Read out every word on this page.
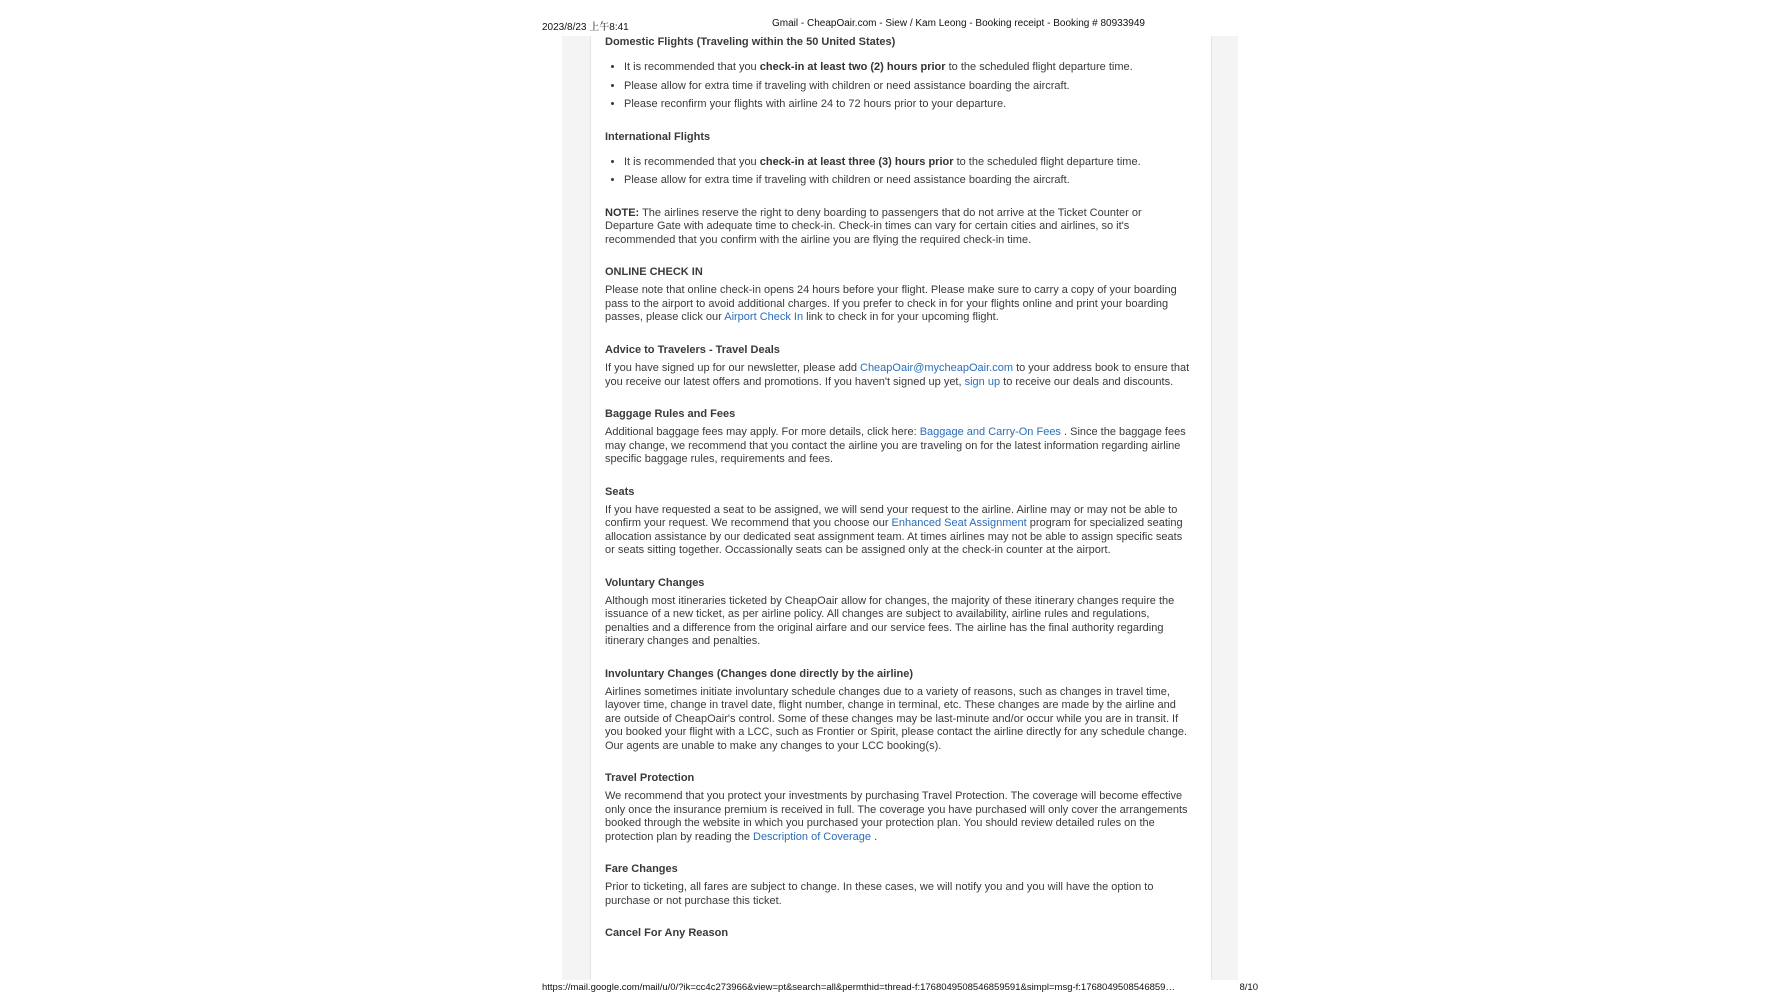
2023/8/23 上午8:41	Gmail - CheapOair.com - Siew / Kam Leong - Booking receipt - Booking # 80933949
Domestic Flights (Traveling within the 50 United States)
• It is recommended that you check-in at least two (2) hours prior to the scheduled flight departure time.
• Please allow for extra time if traveling with children or need assistance boarding the aircraft.
• Please reconfirm your flights with airline 24 to 72 hours prior to your departure.
International Flights
• It is recommended that you check-in at least three (3) hours prior to the scheduled flight departure time.
• Please allow for extra time if traveling with children or need assistance boarding the aircraft.

NOTE: The airlines reserve the right to deny boarding to passengers that do not arrive at the Ticket Counter or Departure Gate with adequate time to check-in. Check-in times can vary for certain cities and airlines, so it's recommended that you confirm with the airline you are flying the required check-in time.

ONLINE CHECK IN

Please note that online check-in opens 24 hours before your flight. Please make sure to carry a copy of your boarding pass to the airport to avoid additional charges. If you prefer to check in for your flights online and print your boarding passes, please click our Airport Check In link to check in for your upcoming flight.

Advice to Travelers - Travel Deals

If you have signed up for our newsletter, please add CheapOair@mycheapOair.com to your address book to ensure that you receive our latest offers and promotions. If you haven't signed up yet, sign up to receive our deals and discounts.

Baggage Rules and Fees

Additional baggage fees may apply. For more details, click here: Baggage and Carry-On Fees . Since the baggage fees may change, we recommend that you contact the airline you are traveling on for the latest information regarding airline specific baggage rules, requirements and fees.

Seats

If you have requested a seat to be assigned, we will send your request to the airline. Airline may or may not be able to confirm your request. We recommend that you choose our Enhanced Seat Assignment program for specialized seating allocation assistance by our dedicated seat assignment team. At times airlines may not be able to assign specific seats or seats sitting together. Occassionally seats can be assigned only at the check-in counter at the airport.

Voluntary Changes

Although most itineraries ticketed by CheapOair allow for changes, the majority of these itinerary changes require the issuance of a new ticket, as per airline policy. All changes are subject to availability, airline rules and regulations, penalties and a difference from the original airfare and our service fees. The airline has the final authority regarding itinerary changes and penalties.

Involuntary Changes (Changes done directly by the airline)

Airlines sometimes initiate involuntary schedule changes due to a variety of reasons, such as changes in travel time, layover time, change in travel date, flight number, change in terminal, etc. These changes are made by the airline and are outside of CheapOair's control. Some of these changes may be last-minute and/or occur while you are in transit. If you booked your flight with a LCC, such as Frontier or Spirit, please contact the airline directly for any schedule change. Our agents are unable to make any changes to your LCC booking(s).

Travel Protection

We recommend that you protect your investments by purchasing Travel Protection. The coverage will become effective only once the insurance premium is received in full. The coverage you have purchased will only cover the arrangements booked through the website in which you purchased your protection plan. You should review detailed rules on the protection plan by reading the Description of Coverage .

Fare Changes

Prior to ticketing, all fares are subject to change. In these cases, we will notify you and you will have the option to purchase or not purchase this ticket.

Cancel For Any Reason
https://mail.google.com/mail/u/0/?ik=cc4c273966&view=pt&search=all&permthid=thread-f:1768049508546859591&simpl=msg-f:1768049508546859…	8/10
